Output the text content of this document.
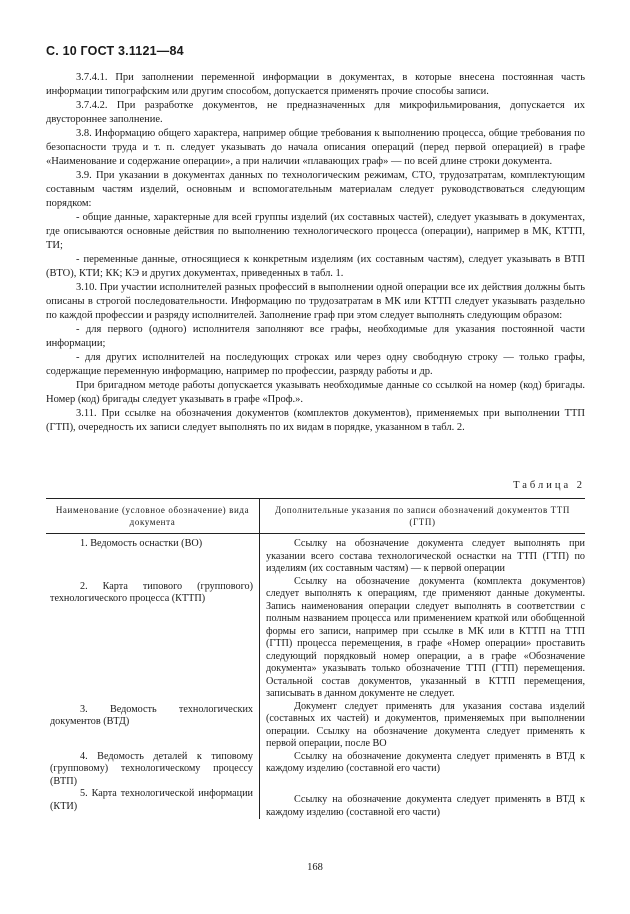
С. 10 ГОСТ 3.1121—84

3.7.4.1. При заполнении переменной информации в документах, в которые внесена постоянная часть информации типографским или другим способом, допускается применять прочие способы записи.

3.7.4.2. При разработке документов, не предназначенных для микрофильмирования, допускается их двустороннее заполнение.

3.8. Информацию общего характера, например общие требования к выполнению процесса, общие требования по безопасности труда и т. п. следует указывать до начала описания операций (перед первой операцией) в графе «Наименование и содержание операции», а при наличии «плавающих граф» — по всей длине строки документа.

3.9. При указании в документах данных по технологическим режимам, СТО, трудозатратам, комплектующим составным частям изделий, основным и вспомогательным материалам следует руководствоваться следующим порядком:

- общие данные, характерные для всей группы изделий (их составных частей), следует указывать в документах, где описываются основные действия по выполнению технологического процесса (операции), например в МК, КТТП, ТИ;

- переменные данные, относящиеся к конкретным изделиям (их составным частям), следует указывать в ВТП (ВТО), КТИ; КК; КЭ и других документах, приведенных в табл. 1.

3.10. При участии исполнителей разных профессий в выполнении одной операции все их действия должны быть описаны в строгой последовательности. Информацию по трудозатратам в МК или КТТП следует указывать раздельно по каждой профессии и разряду исполнителей. Заполнение граф при этом следует выполнять следующим образом:

- для первого (одного) исполнителя заполняют все графы, необходимые для указания постоянной части информации;

- для других исполнителей на последующих строках или через одну свободную строку — только графы, содержащие переменную информацию, например по профессии, разряду работы и др.

При бригадном методе работы допускается указывать необходимые данные со ссылкой на номер (код) бригады. Номер (код) бригады следует указывать в графе «Проф.».

3.11. При ссылке на обозначения документов (комплектов документов), применяемых при выполнении ТТП (ГТП), очередность их записи следует выполнять по их видам в порядке, указанном в табл. 2.

Таблица 2
Наименование (условное обозначение) вида документа	Дополнительные указания по записи обозначений документов ТТП (ГТП)

1. Ведомость оснастки (ВО)	Ссылку на обозначение документа следует выполнять при указании всего состава технологической оснастки на ТТП (ГТП) по изделиям (их составным частям) — к первой операции

2. Карта типового (группового) технологического процесса (КТТП)	Ссылку на обозначение документа (комплекта документов) следует выполнять к операциям, где применяют данные документы. Запись наименования операции следует выполнять в соответствии с полным названием процесса или применением краткой или обобщенной формы его записи, например при ссылке в МК или в КТТП на ТТП (ГТП) процесса перемещения, в графе «Номер операции» проставить следующий порядковый номер операции, а в графе «Обозначение документа» указывать только обозначение ТТП (ГТП) перемещения. Остальной состав документов, указанный в КТТП перемещения, записывать в данном документе не следует.

3. Ведомость технологических документов (ВТД)	Документ следует применять для указания состава изделий (составных их частей) и документов, применяемых при выполнении операции. Ссылку на обозначение документа следует применять к первой операции, после ВО

4. Ведомость деталей к типовому (групповому) технологическому процессу (ВТП)	Ссылку на обозначение документа следует применять в ВТД к каждому изделию (составной его части)

5. Карта технологической информации (КТИ)	Ссылку на обозначение документа следует применять в ВТД к каждому изделию (составной его части)
168
